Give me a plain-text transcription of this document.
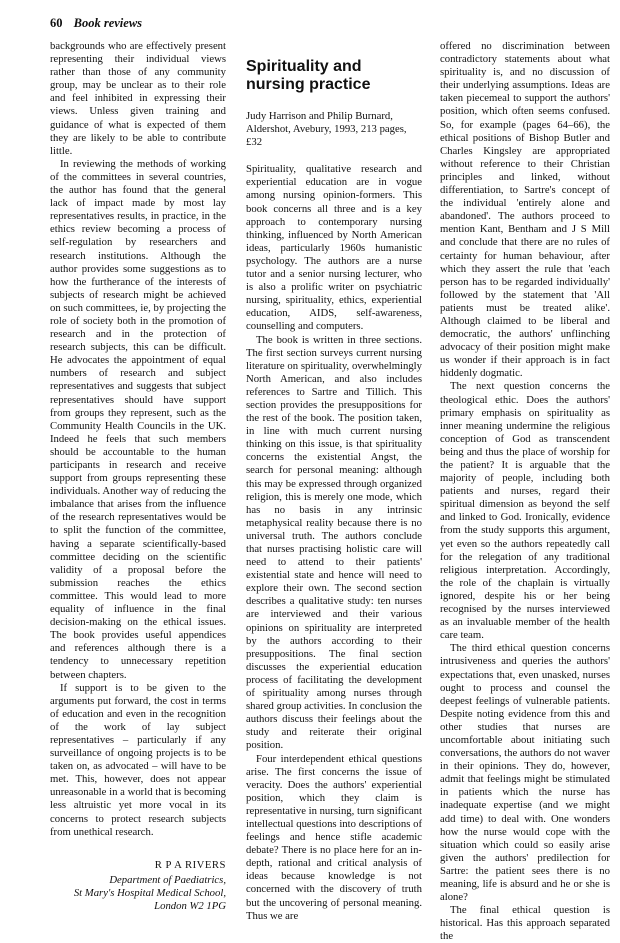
60 Book reviews

backgrounds who are effectively present representing their individual views rather than those of any community group, may be unclear as to their role and feel inhibited in expressing their views. Unless given training and guidance of what is expected of them they are likely to be able to contribute little.

In reviewing the methods of working of the committees in several countries, the author has found that the general lack of impact made by most lay representatives results, in practice, in the ethics review becoming a process of self-regulation by researchers and research institutions. Although the author provides some suggestions as to how the furtherance of the interests of subjects of research might be achieved on such committees, ie, by projecting the role of society both in the promotion of research and in the protection of research subjects, this can be difficult. He advocates the appointment of equal numbers of research and subject representatives and suggests that subject representatives should have support from groups they represent, such as the Community Health Councils in the UK. Indeed he feels that such members should be accountable to the human participants in research and receive support from groups representing these individuals. Another way of reducing the imbalance that arises from the influence of the research representatives would be to split the function of the committee, having a separate scientifically-based committee deciding on the scientific validity of a proposal before the submission reaches the ethics committee. This would lead to more equality of influence in the final decision-making on the ethical issues. The book provides useful appendices and references although there is a tendency to unnecessary repetition between chapters.

If support is to be given to the arguments put forward, the cost in terms of education and even in the recognition of the work of lay subject representatives – particularly if any surveillance of ongoing projects is to be taken on, as advocated – will have to be met. This, however, does not appear unreasonable in a world that is becoming less altruistic yet more vocal in its concerns to protect research subjects from unethical research.

R P A RIVERS
Department of Paediatrics,
St Mary's Hospital Medical School,
London W2 1PG
Spirituality and
nursing practice

Judy Harrison and Philip Burnard, Aldershot, Avebury, 1993, 213 pages, £32

Spirituality, qualitative research and experiential education are in vogue among nursing opinion-formers. This book concerns all three and is a key approach to contemporary nursing thinking, influenced by North American ideas, particularly 1960s humanistic psychology. The authors are a nurse tutor and a senior nursing lecturer, who is also a prolific writer on psychiatric nursing, spirituality, ethics, experiential education, AIDS, self-awareness, counselling and computers.

The book is written in three sections. The first section surveys current nursing literature on spirituality, overwhelmingly North American, and also includes references to Sartre and Tillich. This section provides the presuppositions for the rest of the book. The position taken, in line with much current nursing thinking on this issue, is that spirituality concerns the existential Angst, the search for personal meaning: although this may be expressed through organized religion, this is merely one mode, which has no basis in any intrinsic metaphysical reality because there is no universal truth. The authors conclude that nurses practising holistic care will need to attend to their patients' existential state and hence will need to explore their own. The second section describes a qualitative study: ten nurses are interviewed and their various opinions on spirituality are interpreted by the authors according to their presuppositions. The final section discusses the experiential education process of facilitating the development of spirituality among nurses through shared group activities. In conclusion the authors discuss their feelings about the study and reiterate their original position.

Four interdependent ethical questions arise. The first concerns the issue of veracity. Does the authors' experiential position, which they claim is representative in nursing, turn significant intellectual questions into descriptions of feelings and hence stifle academic debate? There is no place here for an in-depth, rational and critical analysis of ideas because knowledge is not concerned with the discovery of truth but the uncovering of personal meaning. Thus we are

offered no discrimination between contradictory statements about what spirituality is, and no discussion of their underlying assumptions. Ideas are taken piecemeal to support the authors' position, which often seems confused. So, for example (pages 64–66), the ethical positions of Bishop Butler and Charles Kingsley are appropriated without reference to their Christian principles and linked, without differentiation, to Sartre's concept of the individual 'entirely alone and abandoned'. The authors proceed to mention Kant, Bentham and J S Mill and conclude that there are no rules of certainty for human behaviour, after which they assert the rule that 'each person has to be regarded individually' followed by the statement that 'All patients must be treated alike'. Although claimed to be liberal and democratic, the authors' unflinching advocacy of their position might make us wonder if their approach is in fact hiddenly dogmatic.

The next question concerns the theological ethic. Does the authors' primary emphasis on spirituality as inner meaning undermine the religious conception of God as transcendent being and thus the place of worship for the patient? It is arguable that the majority of people, including both patients and nurses, regard their spiritual dimension as beyond the self and linked to God. Ironically, evidence from the study supports this argument, yet even so the authors repeatedly call for the relegation of any traditional religious interpretation. Accordingly, the role of the chaplain is virtually ignored, despite his or her being recognised by the nurses interviewed as an invaluable member of the health care team.

The third ethical question concerns intrusiveness and queries the authors' expectations that, even unasked, nurses ought to process and counsel the deepest feelings of vulnerable patients. Despite noting evidence from this and other studies that nurses are uncomfortable about initiating such conversations, the authors do not waver in their opinions. They do, however, admit that feelings might be stimulated in patients which the nurse has inadequate expertise (and we might add time) to deal with. One wonders how the nurse would cope with the situation which could so easily arise given the authors' predilection for Sartre: the patient sees there is no meaning, life is absurd and he or she is alone?

The final ethical question is historical. Has this approach separated the
